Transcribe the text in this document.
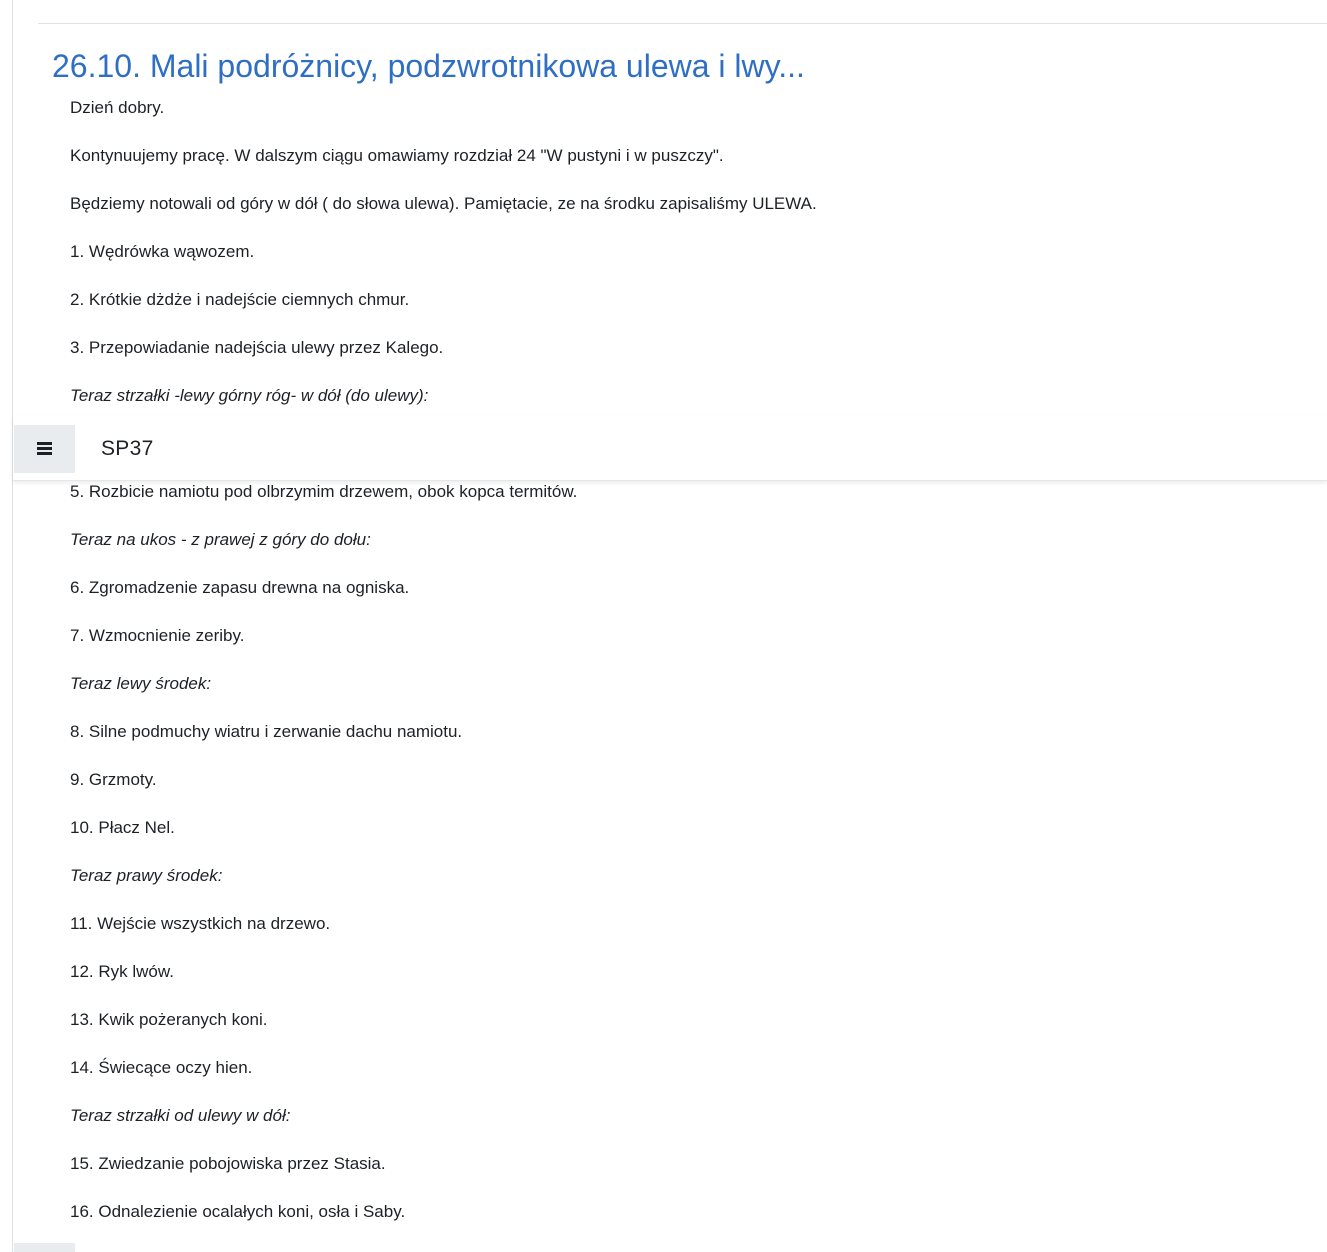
26.10. Mali podróżnicy, podzwrotnikowa ulewa i lwy...

Dzień dobry.

Kontynuujemy pracę. W dalszym ciągu omawiamy rozdział 24 "W pustyni i w puszczy".

Będziemy notowali od góry w dół ( do słowa ulewa). Pamiętacie, ze na środku zapisaliśmy ULEWA.

1. Wędrówka wąwozem.

2. Krótkie dżdże i nadejście ciemnych chmur.

3. Przepowiadanie nadejścia ulewy przez Kalego.

Teraz strzałki -lewy górny róg- w dół (do ulewy):

5. Rozbicie namiotu pod olbrzymim drzewem, obok kopca termitów.

Teraz na ukos - z prawej z góry do dołu:

6. Zgromadzenie zapasu drewna na ogniska.

7. Wzmocnienie zeriby.

Teraz lewy środek:

8. Silne podmuchy wiatru i zerwanie dachu namiotu.

9. Grzmoty.

10. Płacz Nel.

Teraz prawy środek:

11. Wejście wszystkich na drzewo.

12. Ryk lwów.

13. Kwik pożeranych koni.

14. Świecące oczy hien.

Teraz strzałki od ulewy w dół:

15. Zwiedzanie pobojowiska przez Stasia.

16. Odnalezienie ocalałych koni, osła i Saby.

SP37
